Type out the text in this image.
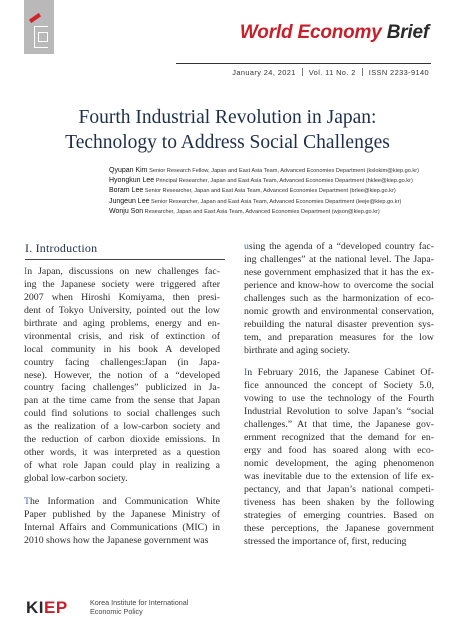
World Economy Brief
January 24, 2021 Vol. 11 No. 2 ISSN 2233-9140
Fourth Industrial Revolution in Japan:
Technology to Address Social Challenges
Qyupan Kim Senior Research Fellow, Japan and East Asia Team, Advanced Economies Department (kslokim@kiep.go.kr)
Hyongkun Lee Principal Researcher, Japan and East Asia Team, Advanced Economies Department (hklee@kiep.go.kr)
Boram Lee Senior Researcher, Japan and East Asia Team, Advanced Economies Department (brlee@kiep.go.kr)
Jungeun Lee Senior Researcher, Japan and East Asia Team, Advanced Economies Department (leeje@kiep.go.kr)
Wonju Son Researcher, Japan and East Asia Team, Advanced Economies Department (wjson@kiep.go.kr)
I. Introduction
In Japan, discussions on new challenges fac-
ing the Japanese society were triggered after
2007 when Hiroshi Komiyama, then presi-
dent of Tokyo University, pointed out the low
birthrate and aging problems, energy and en-
vironmental crisis, and risk of extinction of
local community in his book A developed
country facing challenges:Japan (in Japa-
nese). However, the notion of a “developed
country facing challenges” publicized in Ja-
pan at the time came from the sense that Japan
could find solutions to social challenges such
as the realization of a low-carbon society and
the reduction of carbon dioxide emissions. In
other words, it was interpreted as a question
of what role Japan could play in realizing a
global low-carbon society.
The Information and Communication White
Paper published by the Japanese Ministry of
Internal Affairs and Communications (MIC) in
2010 shows how the Japanese government was
using the agenda of a “developed country fac-
ing challenges” at the national level. The Japa-
nese government emphasized that it has the ex-
perience and know-how to overcome the social
challenges such as the harmonization of eco-
nomic growth and environmental conservation,
rebuilding the natural disaster prevention sys-
tem, and preparation measures for the low
birthrate and aging society.
In February 2016, the Japanese Cabinet Of-
fice announced the concept of Society 5.0,
vowing to use the technology of the Fourth
Industrial Revolution to solve Japan’s “social
challenges.” At that time, the Japanese gov-
ernment recognized that the demand for en-
ergy and food has soared along with eco-
nomic development, the aging phenomenon
was inevitable due to the extension of life ex-
pectancy, and that Japan’s national competi-
tiveness has been shaken by the following
strategies of emerging countries. Based on
these perceptions, the Japanese government
stressed the importance of, first, reducing
KIEP	Korea Institute for International
Economic Policy
